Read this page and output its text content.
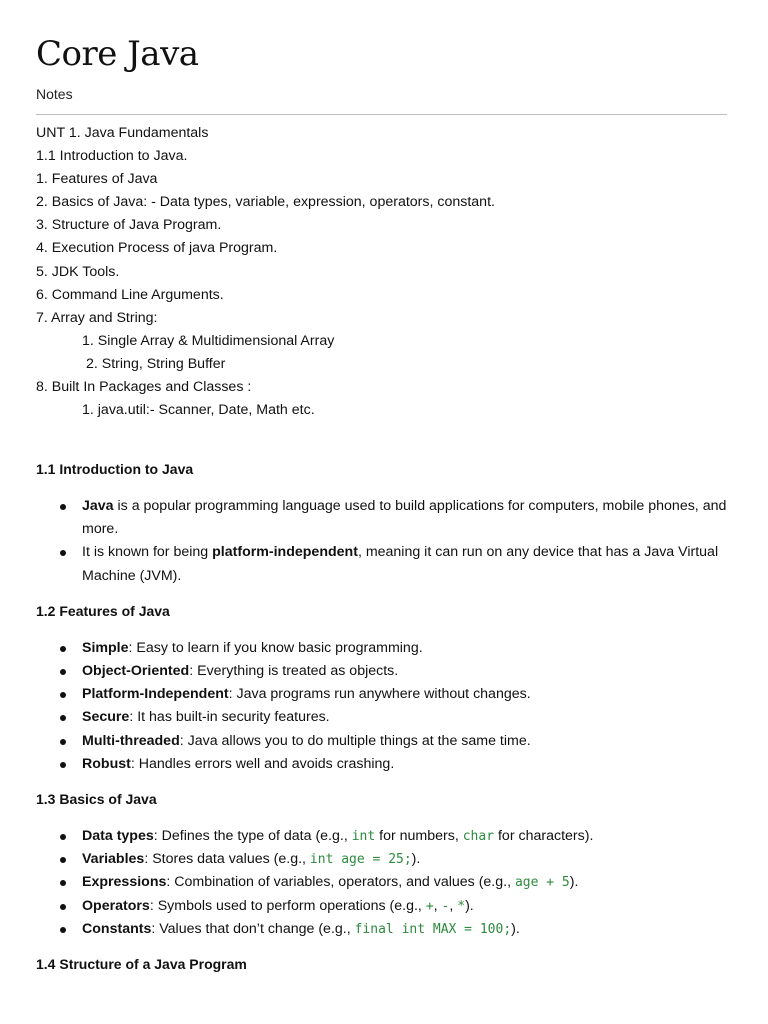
Core Java
Notes
UNT 1. Java Fundamentals
1.1 Introduction to Java.
1. Features of Java
2. Basics of Java: - Data types, variable, expression, operators, constant.
3. Structure of Java Program.
4. Execution Process of java Program.
5. JDK Tools.
6. Command Line Arguments.
7. Array and String:
1. Single Array & Multidimensional Array
2. String, String Buffer
8. Built In Packages and Classes :
1. java.util:- Scanner, Date, Math etc.
1.1 Introduction to Java
Java is a popular programming language used to build applications for computers, mobile phones, and more.
It is known for being platform-independent, meaning it can run on any device that has a Java Virtual Machine (JVM).
1.2 Features of Java
Simple: Easy to learn if you know basic programming.
Object-Oriented: Everything is treated as objects.
Platform-Independent: Java programs run anywhere without changes.
Secure: It has built-in security features.
Multi-threaded: Java allows you to do multiple things at the same time.
Robust: Handles errors well and avoids crashing.
1.3 Basics of Java
Data types: Defines the type of data (e.g., int for numbers, char for characters).
Variables: Stores data values (e.g., int age = 25;).
Expressions: Combination of variables, operators, and values (e.g., age + 5).
Operators: Symbols used to perform operations (e.g., +, -, *).
Constants: Values that don’t change (e.g., final int MAX = 100;).
1.4 Structure of a Java Program
